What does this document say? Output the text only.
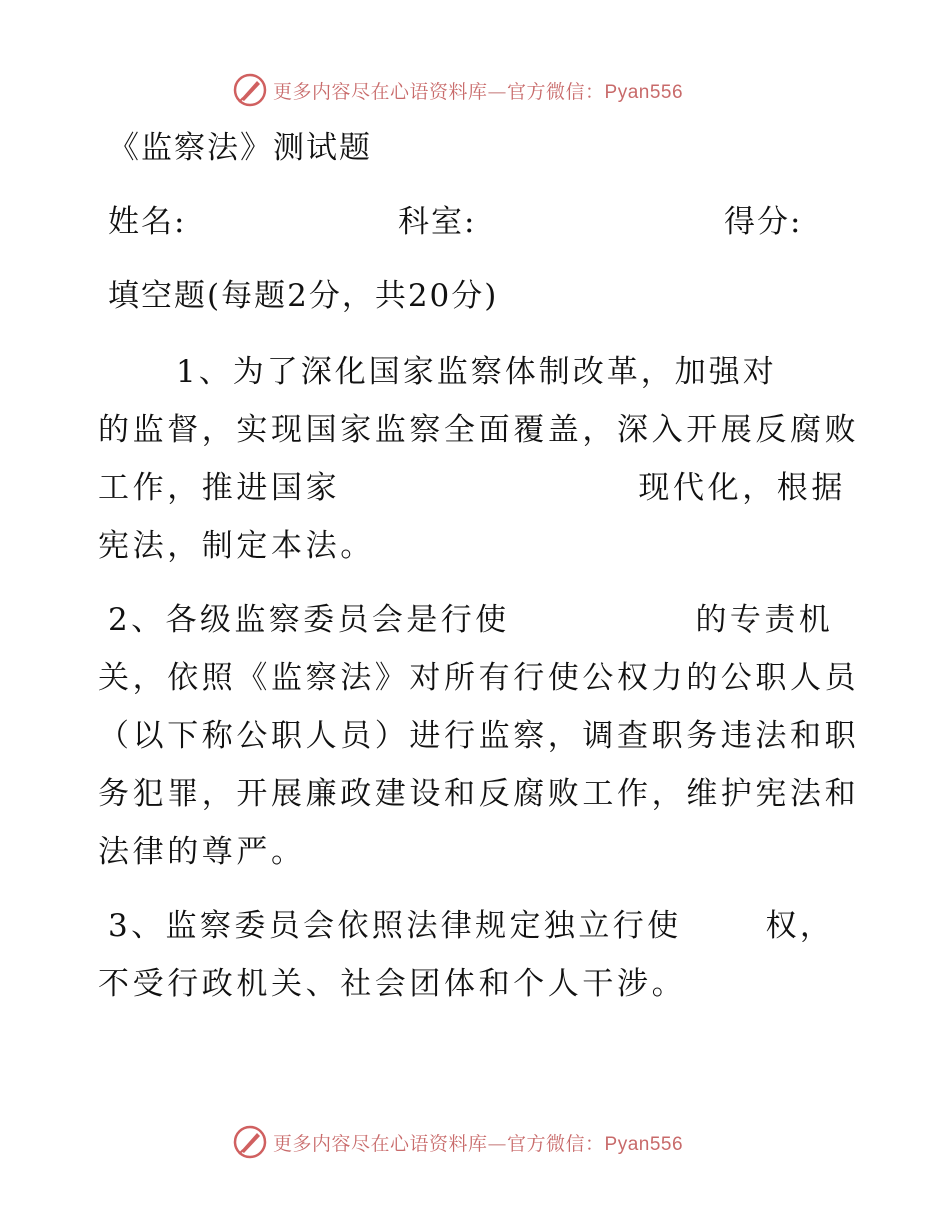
更多内容尽在心语资料库—官方微信：Pyan556
《监察法》测试题
姓名:	科室:	得分:
填空题(每题2分，共20分)
1、为了深化国家监察体制改革，加强对
的监督，实现国家监察全面覆盖，深入开展反腐败
工作，推进国家	现代化，根据
宪法，制定本法。
2、各级监察委员会是行使	的专责机
关，依照《监察法》对所有行使公权力的公职人员
（以下称公职人员）进行监察，调查职务违法和职
务犯罪，开展廉政建设和反腐败工作，维护宪法和
法律的尊严。
3、监察委员会依照法律规定独立行使	权，
不受行政机关、社会团体和个人干涉。
更多内容尽在心语资料库—官方微信：Pyan556
